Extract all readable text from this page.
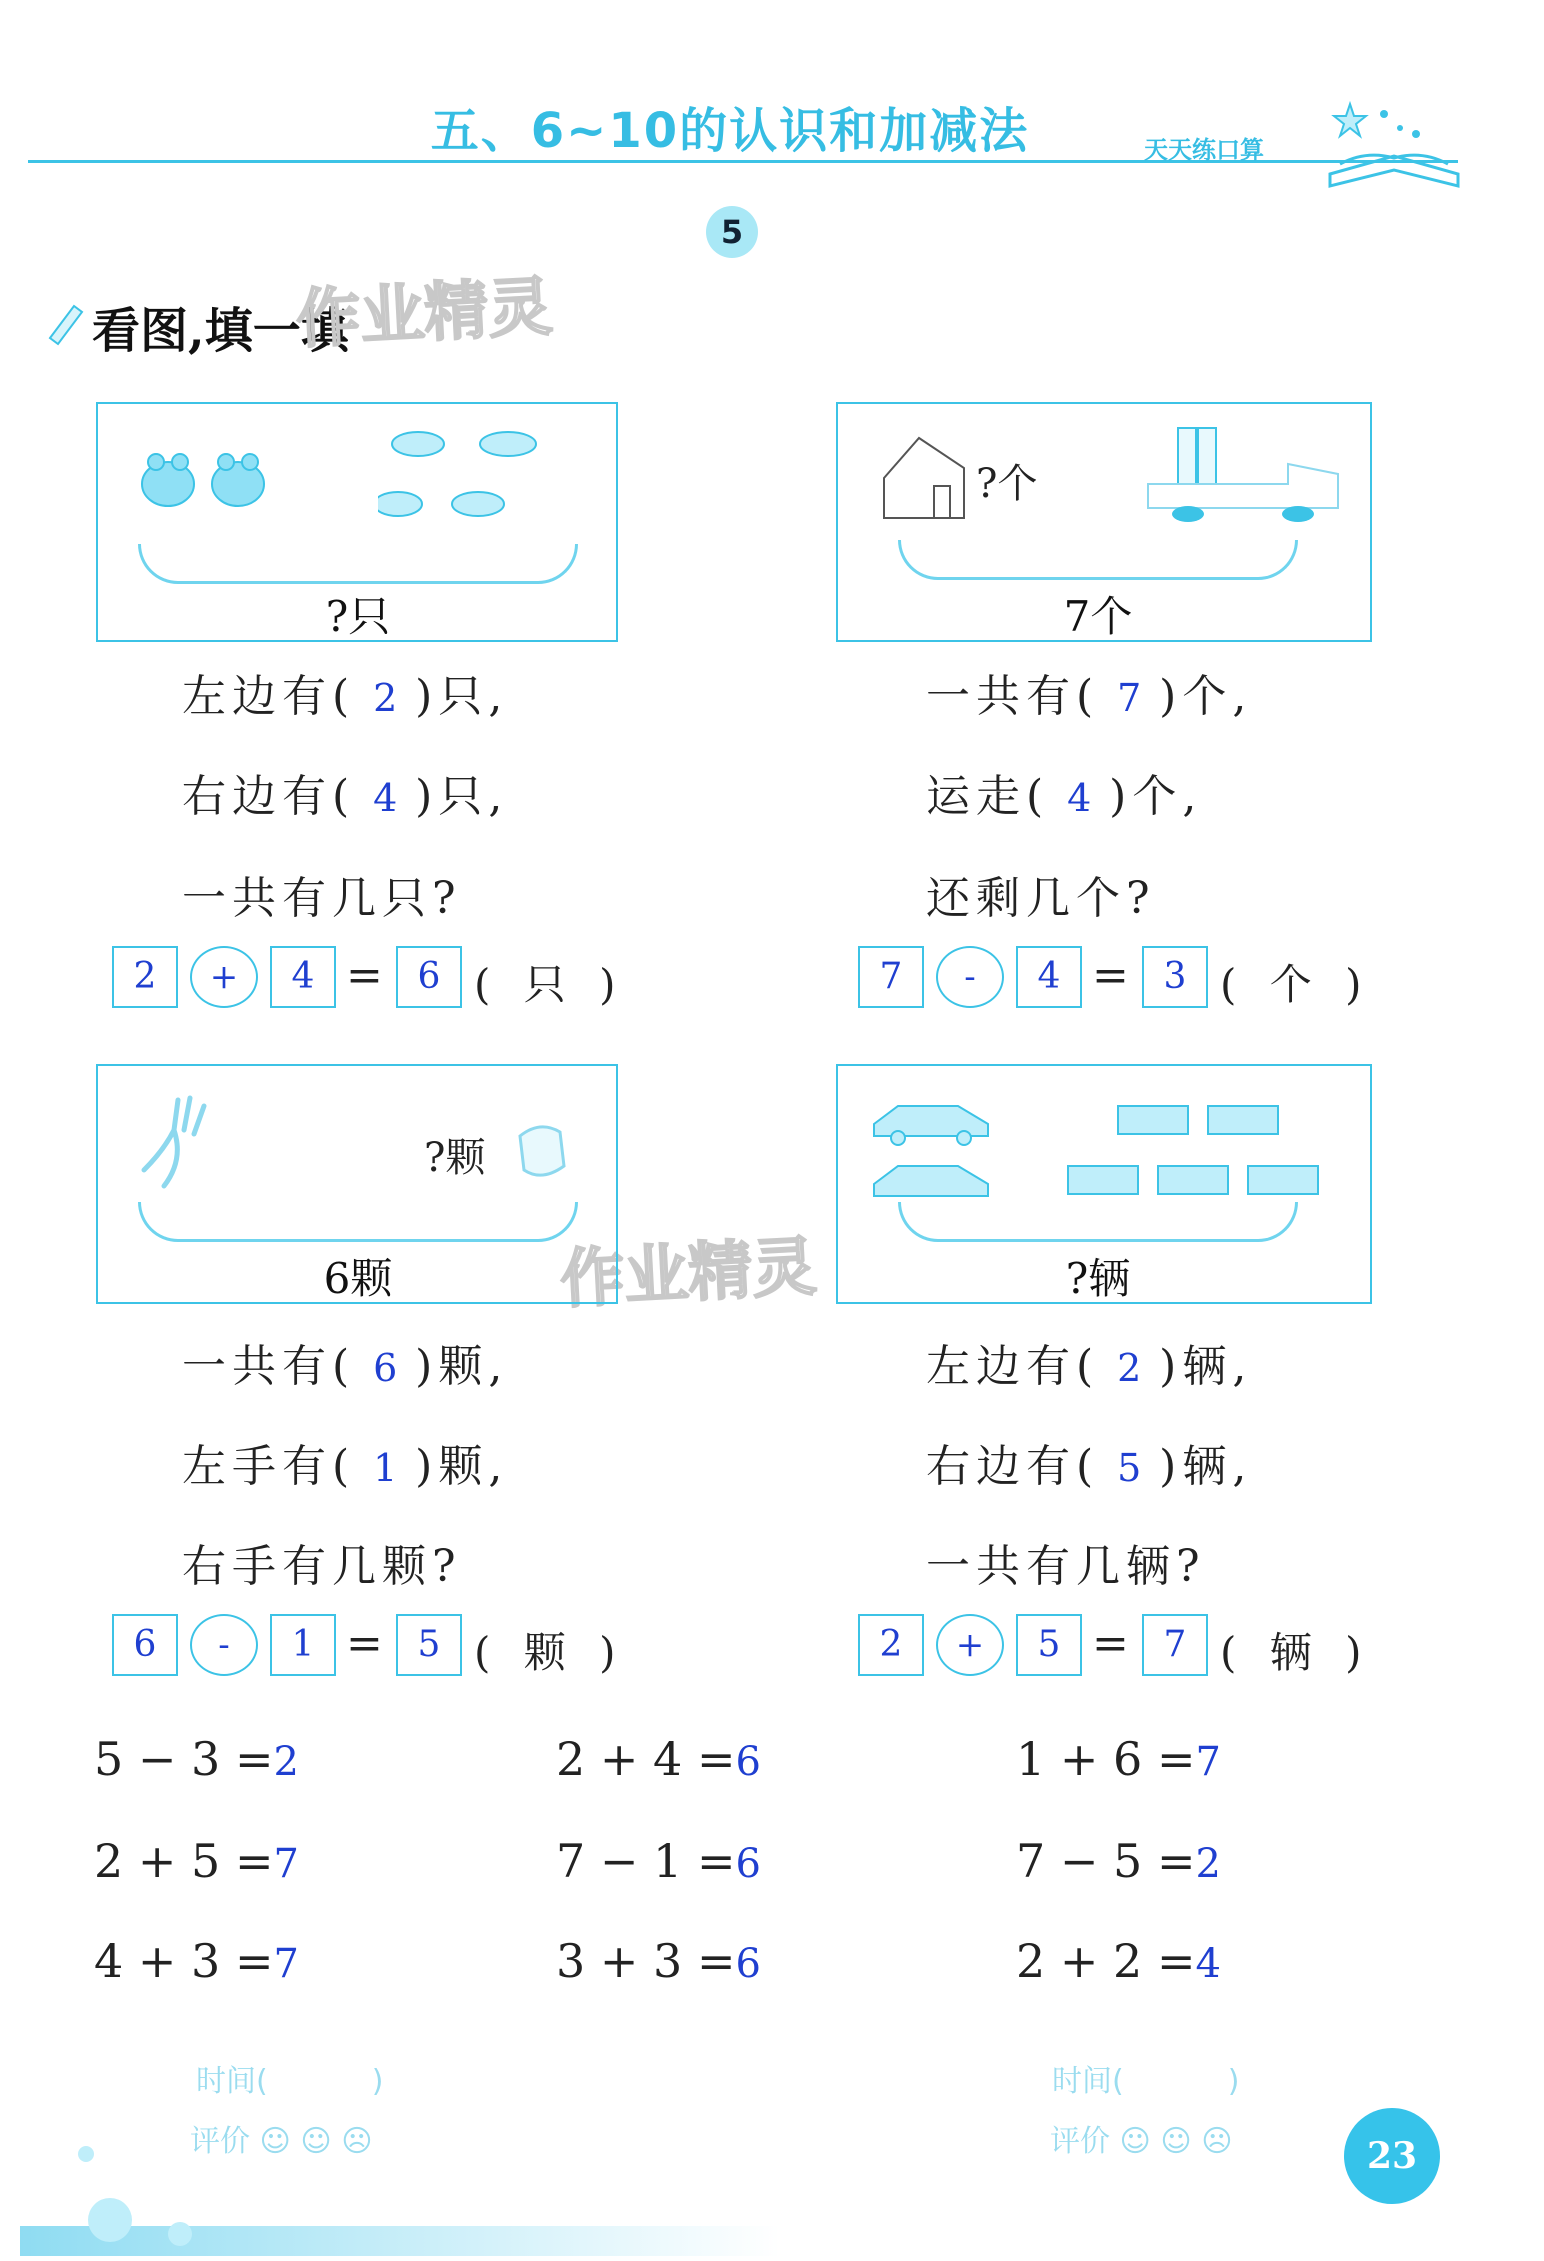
五、6~10的认识和加减法	天天练口算
5
看图,填一填
作业精灵
作业精灵
?只
左边有( 2 )只,
右边有( 4 )只,
一共有几只?
2	+	4 = 6 ( 只 )
?个
7个
一共有( 7 )个,
运走( 4 )个,
还剩几个?
7	-	4 = 3 ( 个 )
?颗
6颗
一共有( 6 )颗,
左手有( 1 )颗,
右手有几颗?
6	-	1 = 5 ( 颗 )
?辆
左边有( 2 )辆,
右边有( 5 )辆,
一共有几辆?
2	+	5 = 7 ( 辆 )
5 − 3 =2	2 + 4 =6	1 + 6 =7
2 + 5 =7	7 − 1 =6	7 − 5 =2
4 + 3 =7	3 + 3 =6	2 + 2 =4
时间(	)
评价 ☺ ☺ ☹
时间(	)
评价 ☺ ☺ ☹	23
